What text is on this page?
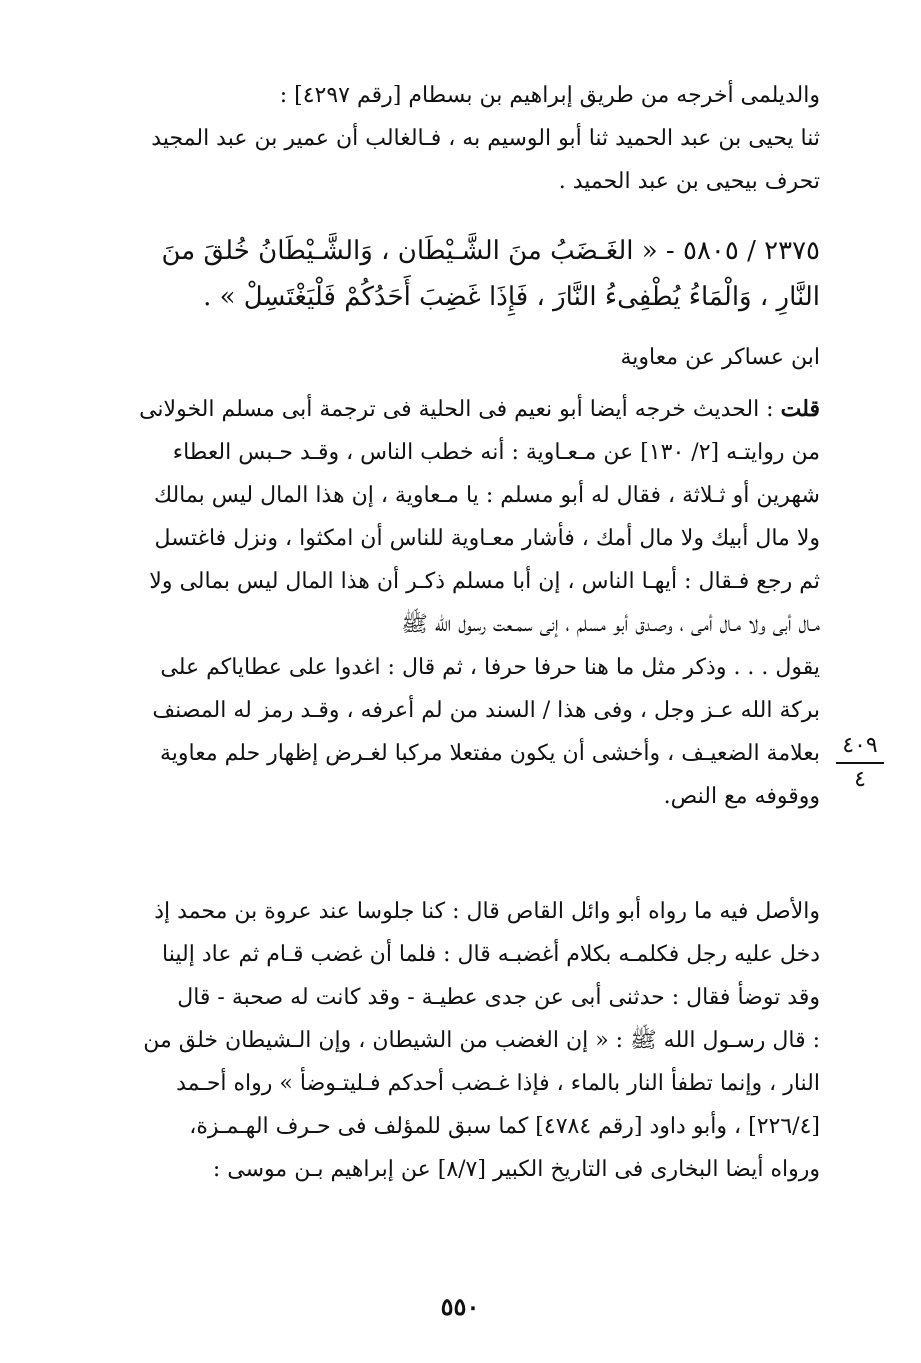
والديلمى أخرجه من طريق إبراهيم بن بسطام [رقم ٤٢٩٧] :
ثنا يحيى بن عبد الحميد ثنا أبو الوسيم به ، فـالغالب أن عمير بن عبد المجيد
تحرف بيحيى بن عبد الحميد .
٢٣٧٥ / ٥٨٠٥ - « الغَـضَبُ منَ الشَّـيْطَان ، وَالشَّـيْطَانُ خُلقَ منَ
النَّارِ ، وَالْمَاءُ يُطْفِىءُ النَّارَ ، فَإِذَا غَضِبَ أَحَدُكُمْ فَلْيَغْتَسِلْ » .
ابن عساكر عن معاوية
قلت : الحديث خرجه أيضا أبو نعيم فى الحلية فى ترجمة أبى مسلم الخولانى
من روايتـه [٢/ ١٣٠] عن مـعـاوية : أنه خطب الناس ، وقـد حـبس العطاء
شهرين أو ثـلاثة ، فقال له أبو مسلم : يا مـعاوية ، إن هذا المال ليس بمالك
ولا مال أبيك ولا مال أمك ، فأشار معـاوية للناس أن امكثوا ، ونزل فاغتسل
ثم رجع فـقال : أيهـا الناس ، إن أبا مسلم ذكـر أن هذا المال ليس بمالى ولا
مـال أبى ولا مـال أمى ، وصـدق أبو مسلم ، إنى سمـعت رسول الله ﷺ
يقول . . . وذكر مثل ما هنا حرفا حرفا ، ثم قال : اغدوا على عطاياكم على
بركة الله عـز وجل ، وفى هذا / السند من لم أعرفه ، وقـد رمز له المصنف
بعلامة الضعيـف ، وأخشى أن يكون مفتعلا مركبا لغـرض إظهار حلم معاوية
ووقوفه مع النص.
والأصل فيه ما رواه أبو وائل القاص قال : كنا جلوسا عند عروة بن محمد إذ
دخل عليه رجل فكلمـه بكلام أغضبـه قال : فلما أن غضب قـام ثم عاد إلينا
وقد توضأ فقال : حدثنى أبى عن جدى عطيـة - وقد كانت له صحبة - قال
: قال رسـول الله ﷺ : « إن الغضب من الشيطان ، وإن الـشيطان خلق من
النار ، وإنما تطفأ النار بالماء ، فإذا غـضب أحدكم فـليتـوضأ » رواه أحـمد
[٢٢٦/٤] ، وأبو داود [رقم ٤٧٨٤] كما سبق للمؤلف فى حـرف الهـمـزة،
ورواه أيضا البخارى فى التاريخ الكبير [٨/٧] عن إبراهيم بـن موسى :
٤٠٩
٤
٥٥٠
